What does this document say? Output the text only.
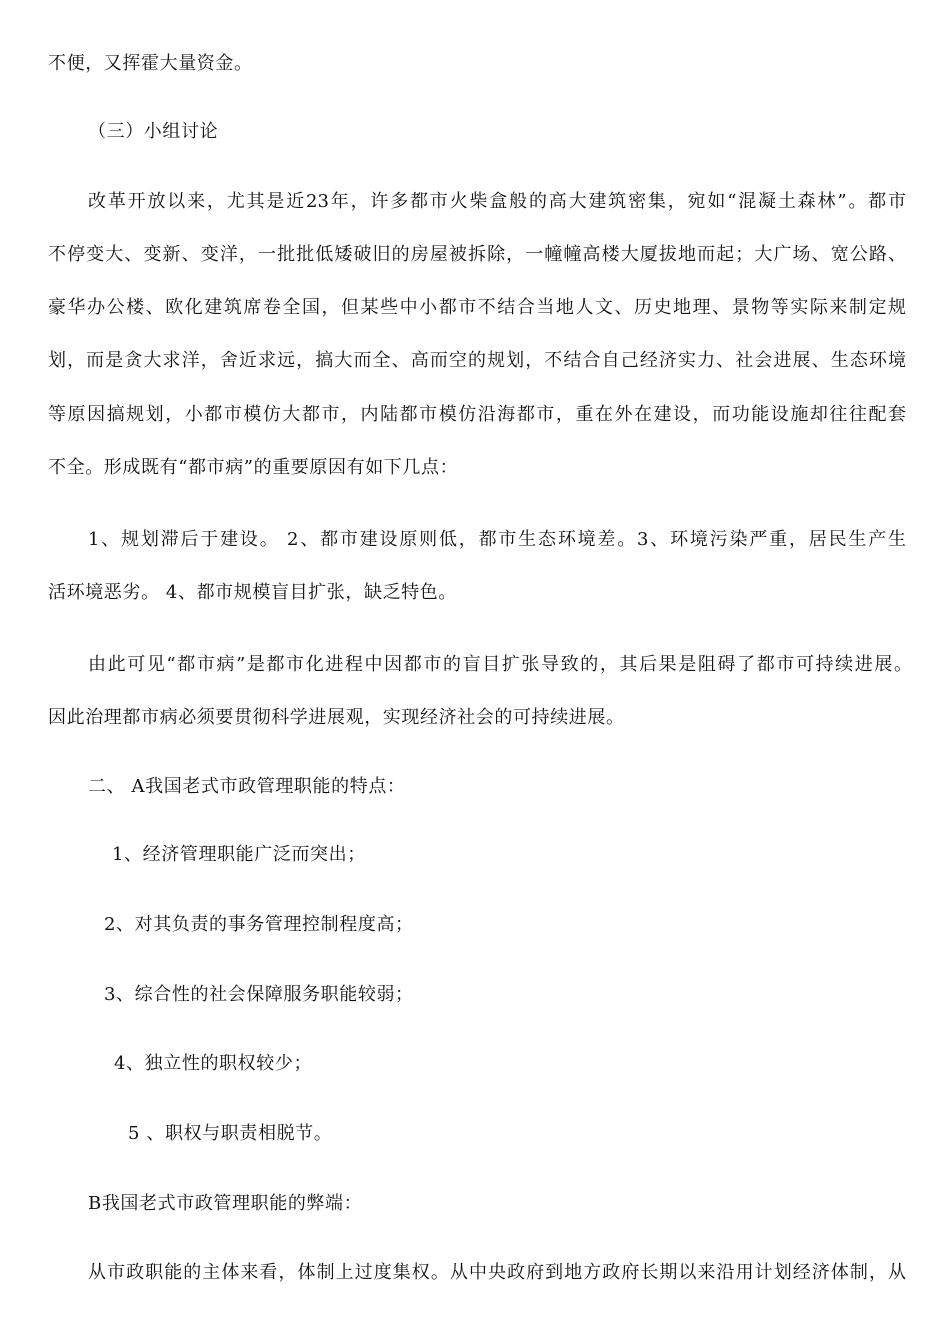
不便，又挥霍大量资金。
（三）小组讨论
改革开放以来，尤其是近23年，许多都市火柴盒般的高大建筑密集，宛如“混凝土森林”。都市
不停变大、变新、变洋，一批批低矮破旧的房屋被拆除，一幢幢高楼大厦拔地而起；大广场、宽公路、
豪华办公楼、欧化建筑席卷全国，但某些中小都市不结合当地人文、历史地理、景物等实际来制定规
划，而是贪大求洋，舍近求远，搞大而全、高而空的规划，不结合自己经济实力、社会进展、生态环境
等原因搞规划，小都市模仿大都市，内陆都市模仿沿海都市，重在外在建设，而功能设施却往往配套
不全。形成既有“都市病”的重要原因有如下几点：
1、规划滞后于建设。 2、都市建设原则低，都市生态环境差。3、环境污染严重，居民生产生
活环境恶劣。 4、都市规模盲目扩张，缺乏特色。
由此可见“都市病”是都市化进程中因都市的盲目扩张导致的，其后果是阻碍了都市可持续进展。
因此治理都市病必须要贯彻科学进展观，实现经济社会的可持续进展。
二、 A我国老式市政管理职能的特点：
1、经济管理职能广泛而突出；
2、对其负责的事务管理控制程度高；
3、综合性的社会保障服务职能较弱；
4、独立性的职权较少；
5 、职权与职责相脱节。
B我国老式市政管理职能的弊端：
从市政职能的主体来看，体制上过度集权。从中央政府到地方政府长期以来沿用计划经济体制，从
